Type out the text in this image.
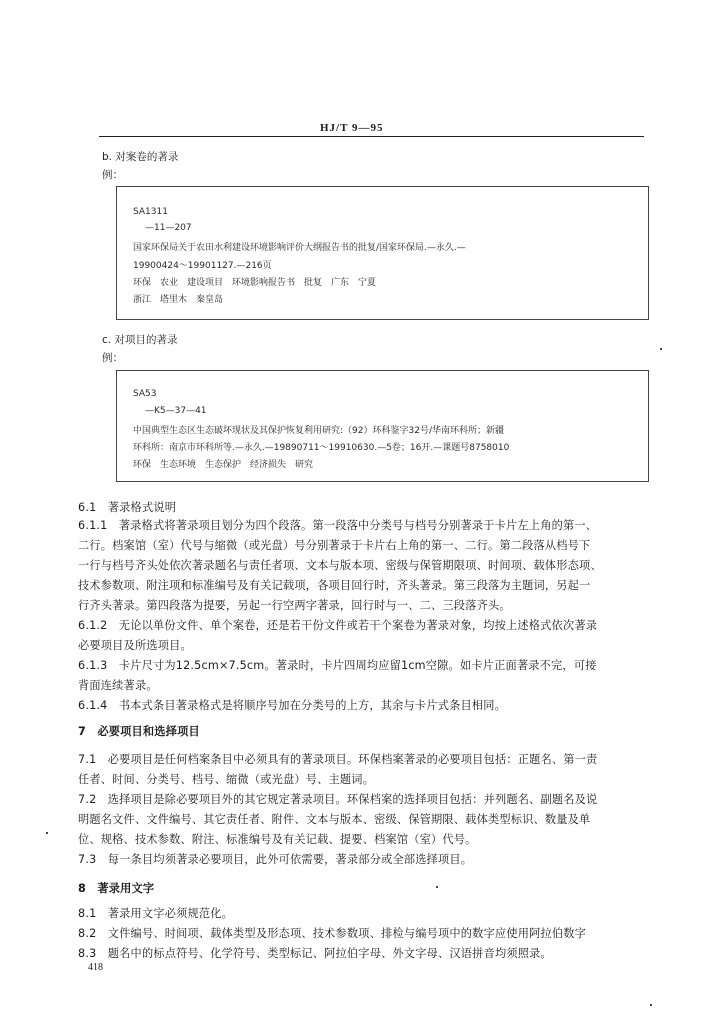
HJ/T 9—95
b. 对案卷的著录
例：
SA1311
—11—207
国家环保局关于农田水利建设环境影响评价大纲报告书的批复/国家环保局.—永久.—
19900424～19901127.—216页
环保　农业　建设项目　环境影响报告书　批复　广东　宁夏
浙江　塔里木　秦皇岛
c. 对项目的著录
例：
SA53
—K5—37—41
中国典型生态区生态破坏现状及其保护恢复利用研究:（92）环科鉴字32号/华南环科所；新疆
环科所：南京市环科所等.—永久.—19890711～19910630.—5卷；16开.—课题号8758010
环保　生态环境　生态保护　经济损失　研究
6.1　著录格式说明
6.1.1　著录格式将著录项目划分为四个段落。第一段落中分类号与档号分别著录于卡片左上角的第一、
二行。档案馆（室）代号与缩微（或光盘）号分别著录于卡片右上角的第一、二行。第二段落从档号下
一行与档号齐头处依次著录题名与责任者项、文本与版本项、密级与保管期限项、时间项、载体形态项、
技术参数项、附注项和标准编号及有关记载项，各项目回行时，齐头著录。第三段落为主题词，另起一
行齐头著录。第四段落为提要，另起一行空两字著录，回行时与一、二、三段落齐头。
6.1.2　无论以单份文件、单个案卷，还是若干份文件或若干个案卷为著录对象，均按上述格式依次著录
必要项目及所选项目。
6.1.3　卡片尺寸为12.5cm×7.5cm。著录时，卡片四周均应留1cm空隙。如卡片正面著录不完，可接
背面连续著录。
6.1.4　书本式条目著录格式是将顺序号加在分类号的上方，其余与卡片式条目相同。
7　必要项目和选择项目
7.1　必要项目是任何档案条目中必须具有的著录项目。环保档案著录的必要项目包括：正题名、第一责
任者、时间、分类号、档号、缩微（或光盘）号、主题词。
7.2　选择项目是除必要项目外的其它规定著录项目。环保档案的选择项目包括：并列题名、副题名及说
明题名文件、文件编号、其它责任者、附件、文本与版本、密级、保管期限、载体类型标识、数量及单
位、规格、技术参数、附注、标准编号及有关记载、提要、档案馆（室）代号。
7.3　每一条目均须著录必要项目，此外可依需要，著录部分或全部选择项目。
8　著录用文字
8.1　著录用文字必须规范化。
8.2　文件编号、时间项、载体类型及形态项、技术参数项、排检与编号项中的数字应使用阿拉伯数字
8.3　题名中的标点符号、化学符号、类型标记、阿拉伯字母、外文字母、汉语拼音均须照录。
418
